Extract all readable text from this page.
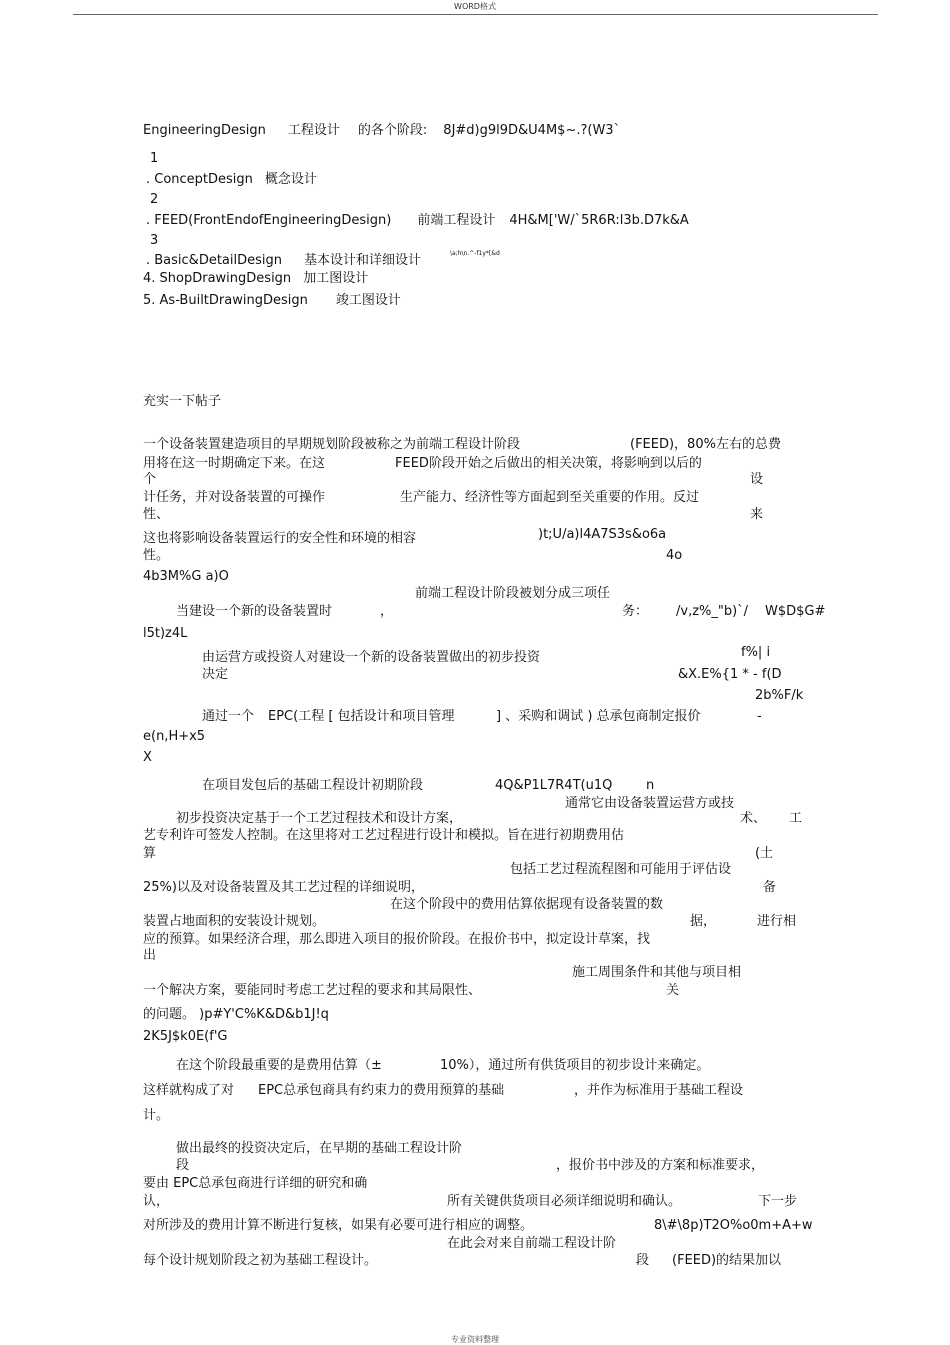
WORD格式
EngineeringDesign 工程设计 的各个阶段: 8J#d)g9l9D&U4M$~.?(W3`
1
. ConceptDesign 概念设计
2
. FEED(FrontEndofEngineeringDesign) 前端工程设计 4H&M['W/`5R6R:l3b.D7k&A
3
. Basic&DetailDesign 基本设计和详细设计	\a;h\n.^-f1y*[&d
4. ShopDrawingDesign 加工图设计
5. As-BuiltDrawingDesign 竣工图设计
充实一下帖子
一个设备装置建造项目的早期规划阶段被称之为前端工程设计阶段	(FEED)，80%左右的总费
用将在这一时期确定下来。在这	FEED阶段开始之后做出的相关决策，将影响到以后的
个	设
计任务，并对设备装置的可操作	生产能力、经济性等方面起到至关重要的作用。反过
性、	来
这也将影响设备装置运行的安全性和环境的相容	)t;U/a)l4A7S3s&o6a
性。	4o
4b3M%G a)O
前端工程设计阶段被划分成三项任
当建设一个新的设备装置时	，	务： /v,z%_"b)`/ W$D$G#
l5t)z4L
由运营方或投资人对建设一个新的设备装置做出的初步投资	f%| i
决定	&X.E%{1 * - f(D
2b%F/k
通过一个 EPC(工程 [ 包括设计和项目管理	] 、采购和调试 ) 总承包商制定报价	-
e(n,H+x5
X
在项目发包后的基础工程设计初期阶段	4Q&P1L7R4T(u1Q	n
通常它由设备装置运营方或技
初步投资决定基于一个工艺过程技术和设计方案，	术、 工
艺专利许可签发人控制。在这里将对工艺过程进行设计和模拟。旨在进行初期费用估
算	(土
包括工艺过程流程图和可能用于评估设
25%)以及对设备装置及其工艺过程的详细说明，	备
在这个阶段中的费用估算依据现有设备装置的数
装置占地面积的安装设计规划。	据，	进行相
应的预算。如果经济合理，那么即进入项目的报价阶段。在报价书中，拟定设计草案，找
出
施工周围条件和其他与项目相
一个解决方案，要能同时考虑工艺过程的要求和其局限性、	关
的问题。 )p#Y'C%K&D&b1J!q
2K5J$k0E(f'G
在这个阶段最重要的是费用估算（±	10%），通过所有供货项目的初步设计来确定。
这样就构成了对 EPC总承包商具有约束力的费用预算的基础	，并作为标准用于基础工程设
计。
做出最终的投资决定后，在早期的基础工程设计阶
段	，报价书中涉及的方案和标准要求，
要由 EPC总承包商进行详细的研究和确
认，	所有关键供货项目必须详细说明和确认。	下一步
对所涉及的费用计算不断进行复核，如果有必要可进行相应的调整。	8\#\8p)T2O%o0m+A+w
在此会对来自前端工程设计阶
每个设计规划阶段之初为基础工程设计。	段 (FEED)的结果加以
专业资料整理
